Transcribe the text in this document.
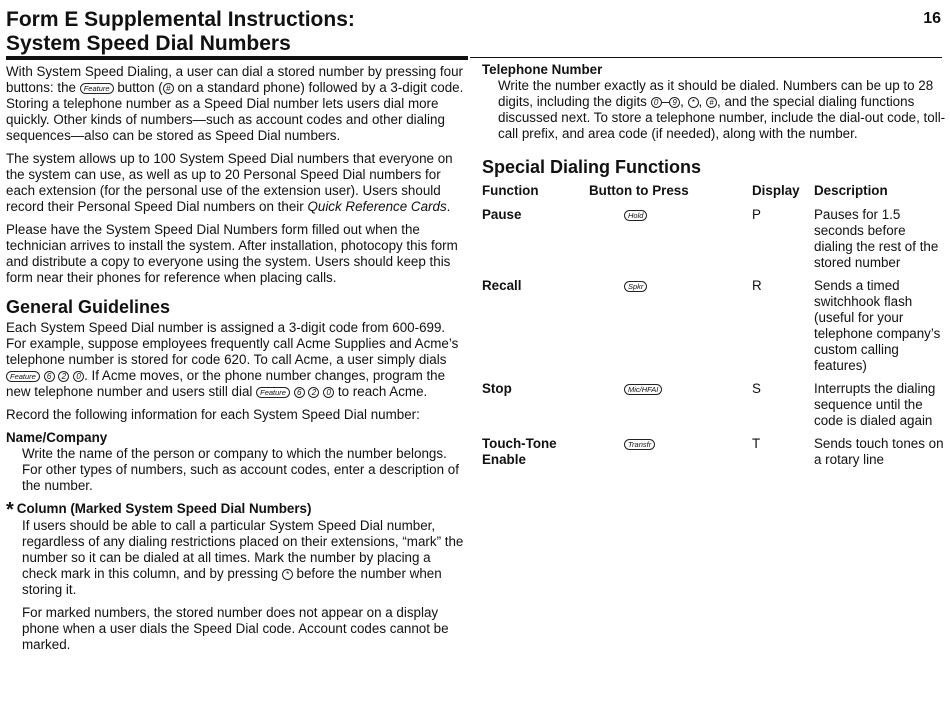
Form E Supplemental Instructions:
System Speed Dial Numbers
16

With System Speed Dialing, a user can dial a stored number by pressing four buttons: the Feature button ( # on a standard phone) followed by a 3-digit code. Storing a telephone number as a Speed Dial number lets users dial more quickly. Other kinds of numbers—such as account codes and other dialing sequences—also can be stored as Speed Dial numbers.

The system allows up to 100 System Speed Dial numbers that everyone on the system can use, as well as up to 20 Personal Speed Dial numbers for each extension (for the personal use of the extension user). Users should record their Personal Speed Dial numbers on their Quick Reference Cards.

Please have the System Speed Dial Numbers form filled out when the technician arrives to install the system. After installation, photocopy this form and distribute a copy to everyone using the system. Users should keep this form near their phones for reference when placing calls.

General Guidelines

Each System Speed Dial number is assigned a 3-digit code from 600-699. For example, suppose employees frequently call Acme Supplies and Acme’s telephone number is stored for code 620. To call Acme, a user simply dials Feature 6 2 0 . If Acme moves, or the phone number changes, program the new telephone number and users still dial Feature 6 2 0 to reach Acme.

Record the following information for each System Speed Dial number:

Name/Company

Write the name of the person or company to which the number belongs. For other types of numbers, such as account codes, enter a description of the number.

* Column (Marked System Speed Dial Numbers)

If users should be able to call a particular System Speed Dial number, regardless of any dialing restrictions placed on their extensions, “mark” the number so it can be dialed at all times. Mark the number by placing a check mark in this column, and by pressing * before the number when storing it.

For marked numbers, the stored number does not appear on a display phone when a user dials the Speed Dial code. Account codes cannot be marked.

Telephone Number

Write the number exactly as it should be dialed. Numbers can be up to 28 digits, including the digits 0 – 9 , * , # , and the special dialing functions discussed next. To store a telephone number, include the dial-out code, toll-call prefix, and area code (if needed), along with the number.

Special Dialing Functions
Function	Button to Press	Display	Description
Pause	Hold	P	Pauses for 1.5 seconds before dialing the rest of the stored number
Recall	Spkr	R	Sends a timed switchhook flash (useful for your telephone company’s custom calling features)
Stop	Mic/HFAI	S	Interrupts the dialing sequence until the code is dialed again
Touch-Tone Enable	Transfr	T	Sends touch tones on a rotary line
